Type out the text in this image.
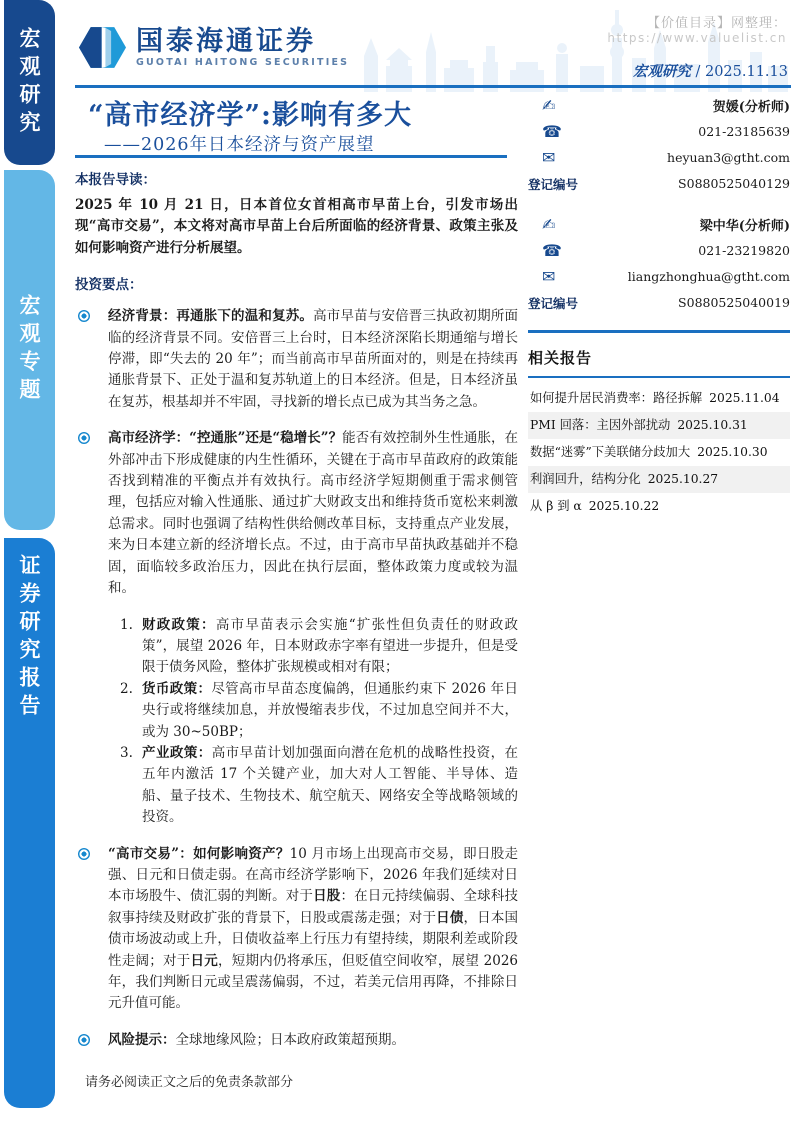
【价值目录】网整理：
https://www.valuelist.cn
宏观研究
宏观专题
证券研究报告
国泰海通证券
GUOTAI HAITONG SECURITIES
宏观研究 / 2025.11.13
“高市经济学”:影响有多大
——2026年日本经济与资产展望
本报告导读：
2025 年 10 月 21 日，日本首位女首相高市早苗上台，引发市场出现“高市交易”，本文将对高市早苗上台后所面临的经济背景、政策主张及如何影响资产进行分析展望。
投资要点：
经济背景：再通胀下的温和复苏。高市早苗与安倍晋三执政初期所面临的经济背景不同。安倍晋三上台时，日本经济深陷长期通缩与增长停滞，即“失去的 20 年”；而当前高市早苗所面对的，则是在持续再通胀背景下、正处于温和复苏轨道上的日本经济。但是，日本经济虽在复苏，根基却并不牢固，寻找新的增长点已成为其当务之急。
高市经济学：“控通胀”还是“稳增长”？能否有效控制外生性通胀，在外部冲击下形成健康的内生性循环，关键在于高市早苗政府的政策能否找到精准的平衡点并有效执行。高市经济学短期侧重于需求侧管理，包括应对输入性通胀、通过扩大财政支出和维持货币宽松来刺激总需求。同时也强调了结构性供给侧改革目标，支持重点产业发展，来为日本建立新的经济增长点。不过，由于高市早苗执政基础并不稳固，面临较多政治压力，因此在执行层面，整体政策力度或较为温和。
1. 财政政策：高市早苗表示会实施“扩张性但负责任的财政政策”，展望 2026 年，日本财政赤字率有望进一步提升，但是受限于债务风险，整体扩张规模或相对有限；
2. 货币政策：尽管高市早苗态度偏鸽，但通胀约束下 2026 年日央行或将继续加息，并放慢缩表步伐，不过加息空间并不大，或为 30~50BP；
3. 产业政策：高市早苗计划加强面向潜在危机的战略性投资，在五年内激活 17 个关键产业，加大对人工智能、半导体、造船、量子技术、生物技术、航空航天、网络安全等战略领域的投资。
“高市交易”：如何影响资产？10 月市场上出现高市交易，即日股走强、日元和日债走弱。在高市经济学影响下，2026 年我们延续对日本市场股牛、债汇弱的判断。对于日股：在日元持续偏弱、全球科技叙事持续及财政扩张的背景下，日股或震荡走强；对于日债，日本国债市场波动或上升，日债收益率上行压力有望持续，期限利差或阶段性走阔；对于日元，短期内仍将承压，但贬值空间收窄，展望 2026 年，我们判断日元或呈震荡偏弱，不过，若美元信用再降，不排除日元升值可能。
风险提示：全球地缘风险；日本政府政策超预期。
✍	贺媛(分析师)
☎	021-23185639
✉	heyuan3@gtht.com
登记编号	S0880525040129
✍	梁中华(分析师)
☎	021-23219820
✉	liangzhonghua@gtht.com
登记编号	S0880525040019
相关报告
如何提升居民消费率：路径拆解 2025.11.04
PMI 回落：主因外部扰动 2025.10.31
数据“迷雾”下美联储分歧加大 2025.10.30
利润回升，结构分化 2025.10.27
从 β 到 α 2025.10.22
请务必阅读正文之后的免责条款部分
